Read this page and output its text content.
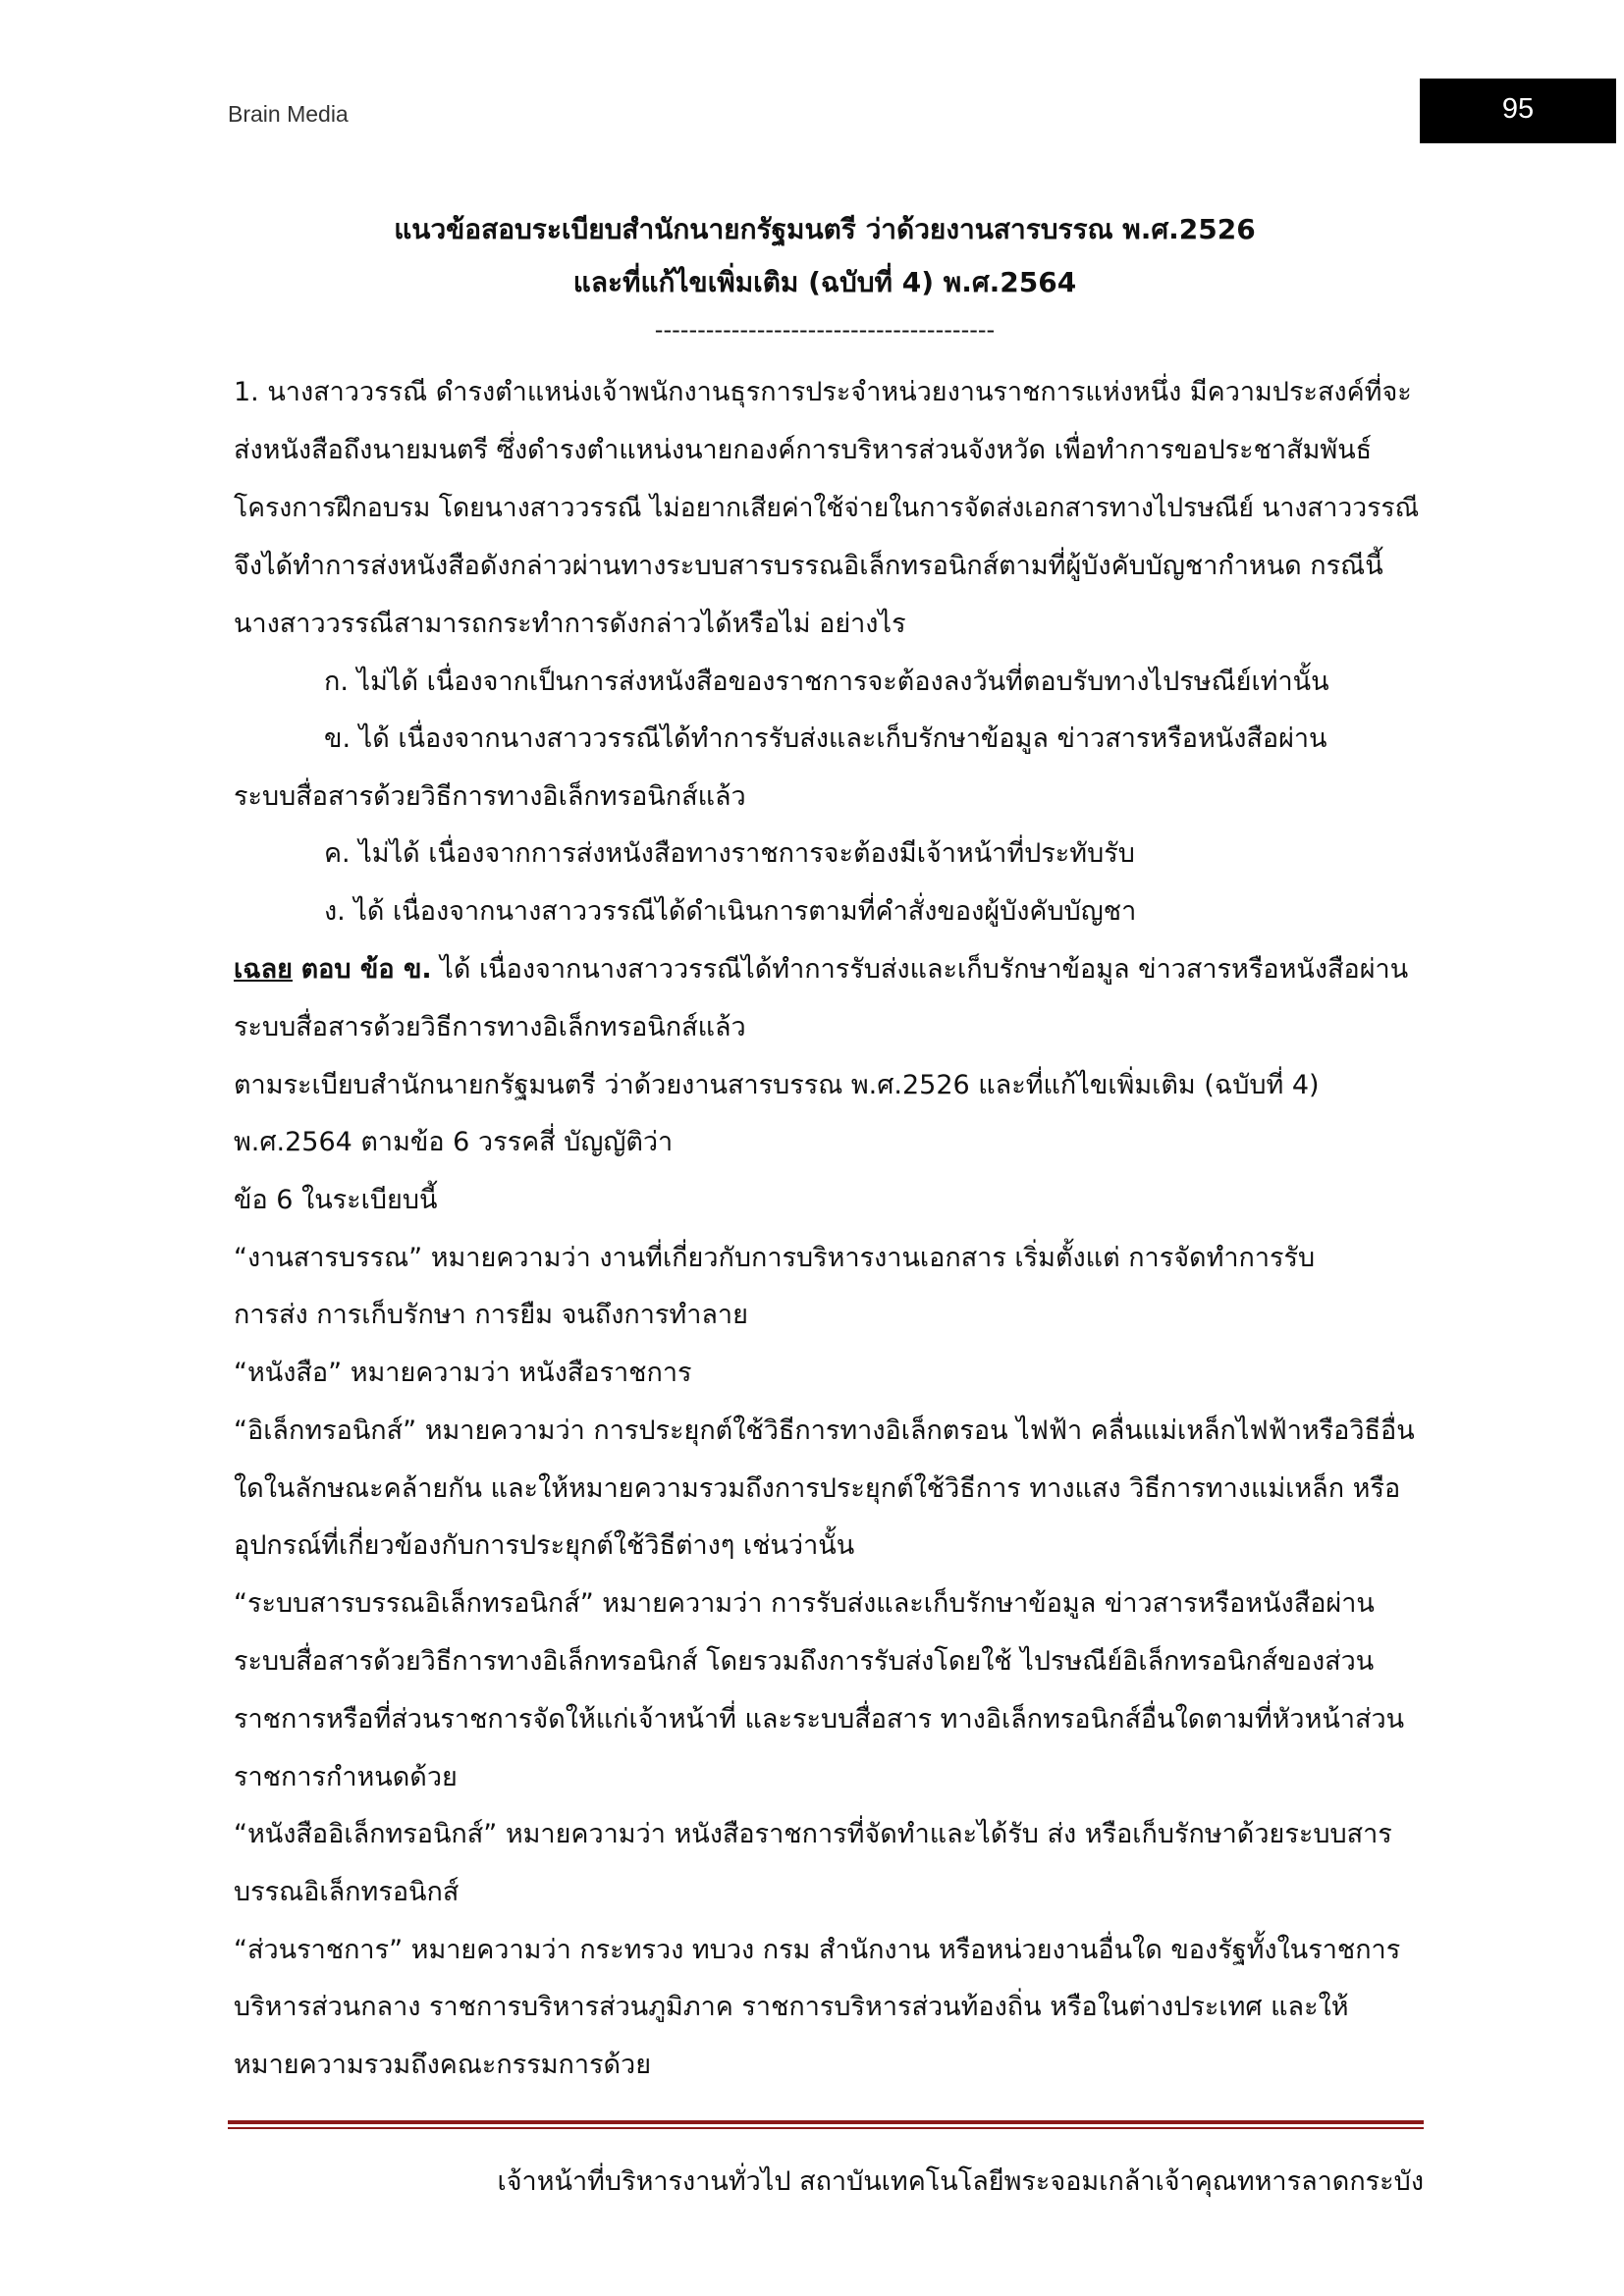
Brain Media	95
แนวข้อสอบระเบียบสำนักนายกรัฐมนตรี ว่าด้วยงานสารบรรณ พ.ศ.2526
และที่แก้ไขเพิ่มเติม (ฉบับที่ 4) พ.ศ.2564
----------------------------------------
1. นางสาววรรณี ดำรงตำแหน่งเจ้าพนักงานธุรการประจำหน่วยงานราชการแห่งหนึ่ง มีความประสงค์ที่จะ
ส่งหนังสือถึงนายมนตรี ซึ่งดำรงตำแหน่งนายกองค์การบริหารส่วนจังหวัด เพื่อทำการขอประชาสัมพันธ์
โครงการฝึกอบรม โดยนางสาววรรณี ไม่อยากเสียค่าใช้จ่ายในการจัดส่งเอกสารทางไปรษณีย์ นางสาววรรณี
จึงได้ทำการส่งหนังสือดังกล่าวผ่านทางระบบสารบรรณอิเล็กทรอนิกส์ตามที่ผู้บังคับบัญชากำหนด กรณีนี้
นางสาววรรณีสามารถกระทำการดังกล่าวได้หรือไม่ อย่างไร
ก. ไม่ได้ เนื่องจากเป็นการส่งหนังสือของราชการจะต้องลงวันที่ตอบรับทางไปรษณีย์เท่านั้น
ข. ได้ เนื่องจากนางสาววรรณีได้ทำการรับส่งและเก็บรักษาข้อมูล ข่าวสารหรือหนังสือผ่าน
ระบบสื่อสารด้วยวิธีการทางอิเล็กทรอนิกส์แล้ว
ค. ไม่ได้ เนื่องจากการส่งหนังสือทางราชการจะต้องมีเจ้าหน้าที่ประทับรับ
ง. ได้ เนื่องจากนางสาววรรณีได้ดำเนินการตามที่คำสั่งของผู้บังคับบัญชา
เฉลย ตอบ ข้อ ข. ได้ เนื่องจากนางสาววรรณีได้ทำการรับส่งและเก็บรักษาข้อมูล ข่าวสารหรือหนังสือผ่าน
ระบบสื่อสารด้วยวิธีการทางอิเล็กทรอนิกส์แล้ว
ตามระเบียบสำนักนายกรัฐมนตรี ว่าด้วยงานสารบรรณ พ.ศ.2526 และที่แก้ไขเพิ่มเติม (ฉบับที่ 4)
พ.ศ.2564 ตามข้อ 6 วรรคสี่ บัญญัติว่า
ข้อ 6 ในระเบียบนี้
“งานสารบรรณ” หมายความว่า งานที่เกี่ยวกับการบริหารงานเอกสาร เริ่มตั้งแต่ การจัดทำการรับ
การส่ง การเก็บรักษา การยืม จนถึงการทำลาย
“หนังสือ” หมายความว่า หนังสือราชการ
“อิเล็กทรอนิกส์” หมายความว่า การประยุกต์ใช้วิธีการทางอิเล็กตรอน ไฟฟ้า คลื่นแม่เหล็กไฟฟ้าหรือวิธีอื่น
ใดในลักษณะคล้ายกัน และให้หมายความรวมถึงการประยุกต์ใช้วิธีการ ทางแสง วิธีการทางแม่เหล็ก หรือ
อุปกรณ์ที่เกี่ยวข้องกับการประยุกต์ใช้วิธีต่างๆ เช่นว่านั้น
“ระบบสารบรรณอิเล็กทรอนิกส์” หมายความว่า การรับส่งและเก็บรักษาข้อมูล ข่าวสารหรือหนังสือผ่าน
ระบบสื่อสารด้วยวิธีการทางอิเล็กทรอนิกส์ โดยรวมถึงการรับส่งโดยใช้ ไปรษณีย์อิเล็กทรอนิกส์ของส่วน
ราชการหรือที่ส่วนราชการจัดให้แก่เจ้าหน้าที่ และระบบสื่อสาร ทางอิเล็กทรอนิกส์อื่นใดตามที่หัวหน้าส่วน
ราชการกำหนดด้วย
“หนังสืออิเล็กทรอนิกส์” หมายความว่า หนังสือราชการที่จัดทำและได้รับ ส่ง หรือเก็บรักษาด้วยระบบสาร
บรรณอิเล็กทรอนิกส์
“ส่วนราชการ” หมายความว่า กระทรวง ทบวง กรม สำนักงาน หรือหน่วยงานอื่นใด ของรัฐทั้งในราชการ
บริหารส่วนกลาง ราชการบริหารส่วนภูมิภาค ราชการบริหารส่วนท้องถิ่น หรือในต่างประเทศ และให้
หมายความรวมถึงคณะกรรมการด้วย
เจ้าหน้าที่บริหารงานทั่วไป สถาบันเทคโนโลยีพระจอมเกล้าเจ้าคุณทหารลาดกระบัง
